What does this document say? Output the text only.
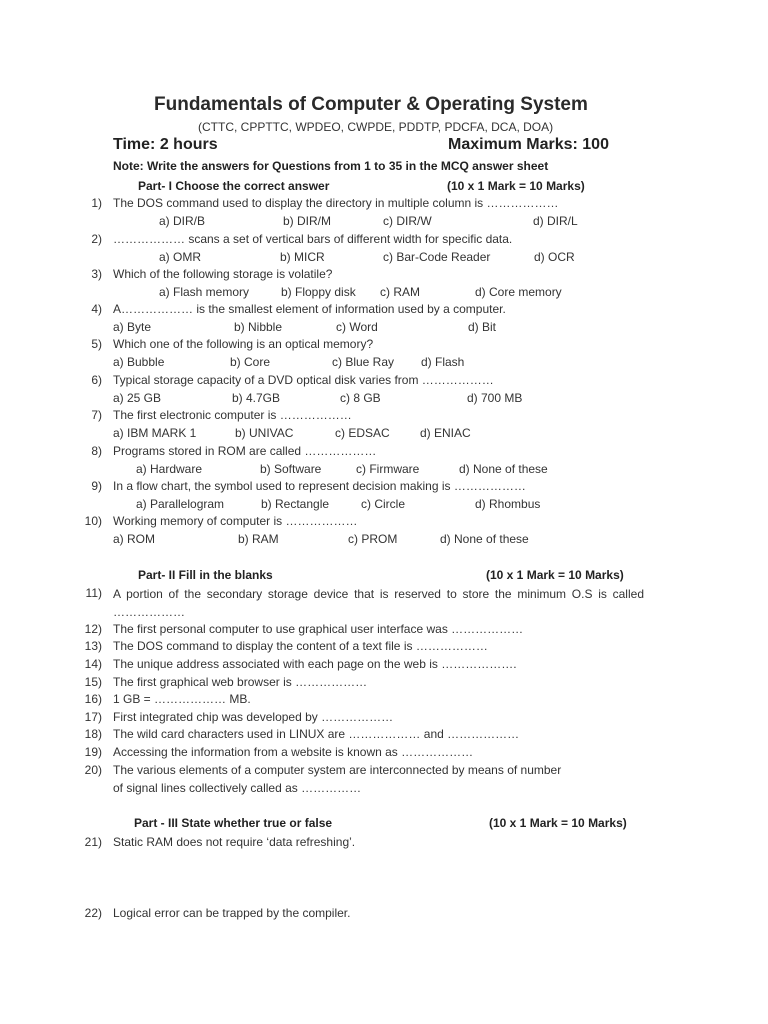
Fundamentals of Computer & Operating System
(CTTC, CPPTTC, WPDEO, CWPDE, PDDTP, PDCFA, DCA, DOA)
Time: 2 hours	Maximum Marks: 100
Note: Write the answers for Questions from 1 to 35 in the MCQ answer sheet
Part- I Choose the correct answer	(10 x 1 Mark = 10 Marks)
1) The DOS command used to display the directory in multiple column is ………………
a) DIR/B	b) DIR/M	c) DIR/W	d) DIR/L
2) ……………… scans a set of vertical bars of different width for specific data.
a) OMR	b) MICR	c) Bar-Code Reader	d) OCR
3) Which of the following storage is volatile?
a) Flash memory	b) Floppy disk c) RAM	d) Core memory
4) A……………… is the smallest element of information used by a computer.
a) Byte	b) Nibble	c) Word	d) Bit
5) Which one of the following is an optical memory?
a) Bubble	b) Core	c) Blue Ray d) Flash
6) Typical storage capacity of a DVD optical disk varies from ………………
a) 25 GB	b) 4.7GB	c) 8 GB	d) 700 MB
7) The first electronic computer is ………………
a) IBM MARK 1	b) UNIVAC	c) EDSAC	d) ENIAC
8) Programs stored in ROM are called ………………
a) Hardware	b) Software	c) Firmware	d) None of these
9) In a flow chart, the symbol used to represent decision making is ………………
a) Parallelogram	b) Rectangle	c) Circle	d) Rhombus
10) Working memory of computer is ………………
a) ROM	b) RAM	c) PROM	d) None of these
Part- II Fill in the blanks	(10 x 1 Mark = 10 Marks)
11) A portion of the secondary storage device that is reserved to store the minimum O.S is called ………………
12) The first personal computer to use graphical user interface was ………………
13) The DOS command to display the content of a text file is ………………
14) The unique address associated with each page on the web is ……………….
15) The first graphical web browser is ………………
16) 1 GB = ……………… MB.
17) First integrated chip was developed by ………………
18) The wild card characters used in LINUX are ……………… and ………………
19) Accessing the information from a website is known as ………………
20) The various elements of a computer system are interconnected by means of number
of signal lines collectively called as ……………
Part - III State whether true or false	(10 x 1 Mark = 10 Marks)
21) Static RAM does not require ‘data refreshing’.
22) Logical error can be trapped by the compiler.
